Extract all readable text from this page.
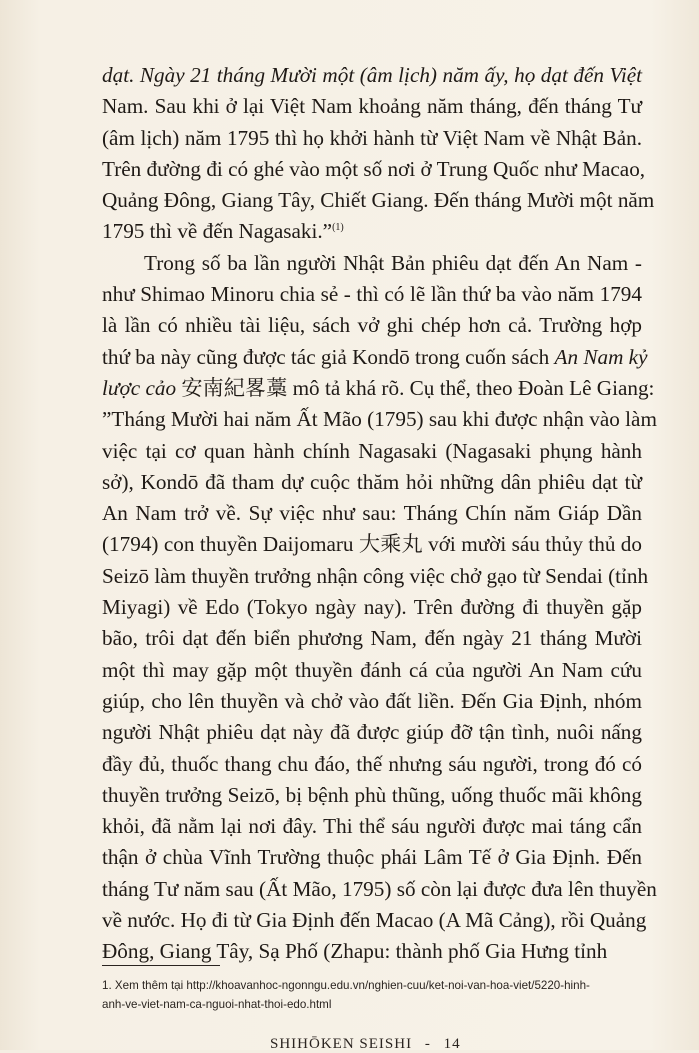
dạt. Ngày 21 tháng Mười một (âm lịch) năm ấy, họ dạt đến Việt
Nam. Sau khi ở lại Việt Nam khoảng năm tháng, đến tháng Tư
(âm lịch) năm 1795 thì họ khởi hành từ Việt Nam về Nhật Bản.
Trên đường đi có ghé vào một số nơi ở Trung Quốc như Macao,
Quảng Đông, Giang Tây, Chiết Giang. Đến tháng Mười một năm
1795 thì về đến Nagasaki.”$^{(1)}$
Trong số ba lần người Nhật Bản phiêu dạt đến An Nam -
như Shimao Minoru chia sẻ - thì có lẽ lần thứ ba vào năm 1794
là lần có nhiều tài liệu, sách vở ghi chép hơn cả. Trường hợp
thứ ba này cũng được tác giả Kondō trong cuốn sách An Nam kỷ
lược cảo 安南紀畧藁 mô tả khá rõ. Cụ thể, theo Đoàn Lê Giang:
”Tháng Mười hai năm Ất Mão (1795) sau khi được nhận vào làm
việc tại cơ quan hành chính Nagasaki (Nagasaki phụng hành
sở), Kondō đã tham dự cuộc thăm hỏi những dân phiêu dạt từ
An Nam trở về. Sự việc như sau: Tháng Chín năm Giáp Dần
(1794) con thuyền Daijomaru 大乘丸 với mười sáu thủy thủ do
Seizō làm thuyền trưởng nhận công việc chở gạo từ Sendai (tỉnh
Miyagi) về Edo (Tokyo ngày nay). Trên đường đi thuyền gặp
bão, trôi dạt đến biển phương Nam, đến ngày 21 tháng Mười
một thì may gặp một thuyền đánh cá của người An Nam cứu
giúp, cho lên thuyền và chở vào đất liền. Đến Gia Định, nhóm
người Nhật phiêu dạt này đã được giúp đỡ tận tình, nuôi nấng
đầy đủ, thuốc thang chu đáo, thế nhưng sáu người, trong đó có
thuyền trưởng Seizō, bị bệnh phù thũng, uống thuốc mãi không
khỏi, đã nằm lại nơi đây. Thi thể sáu người được mai táng cẩn
thận ở chùa Vĩnh Trường thuộc phái Lâm Tế ở Gia Định. Đến
tháng Tư năm sau (Ất Mão, 1795) số còn lại được đưa lên thuyền
về nước. Họ đi từ Gia Định đến Macao (A Mã Cảng), rồi Quảng
Đông, Giang Tây, Sạ Phố (Zhapu: thành phố Gia Hưng tỉnh
1. Xem thêm tại http://khoavanhoc-ngonngu.edu.vn/nghien-cuu/ket-noi-van-hoa-viet/5220-hinh-
anh-ve-viet-nam-ca-nguoi-nhat-thoi-edo.html
SHIHŌKEN SEISHI - 14
